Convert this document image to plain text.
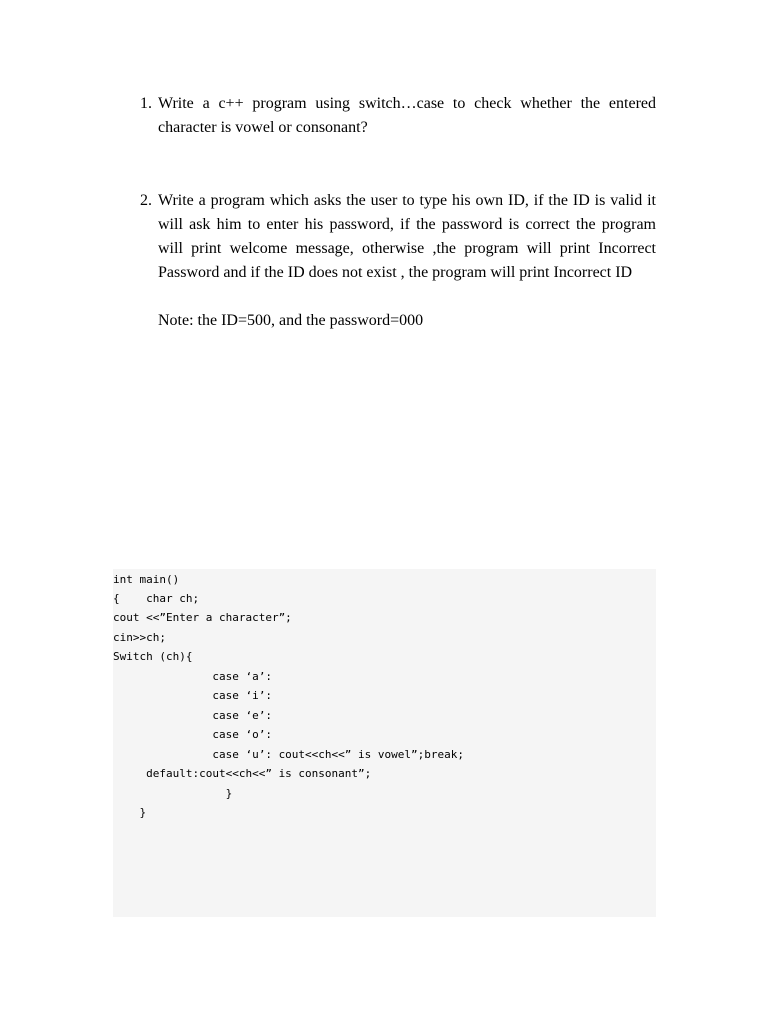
1. Write a c++ program using switch…case to check whether the entered character is vowel or consonant?
2. Write a program which asks the user to type his own ID, if the ID is valid it will ask him to enter his password, if the password is correct the program will print welcome message, otherwise ,the program will print Incorrect Password and if the ID does not exist , the program will print Incorrect ID
Note: the ID=500, and the password=000
int main()
{    char ch;
cout <<”Enter a character”;
cin>>ch;
Switch (ch){
case ‘a’:
case ‘i’:
case ‘e’:
case ‘o’:
case ‘u’: cout<<ch<<” is vowel”;break;
default:cout<<ch<<” is consonant”;
}
}
